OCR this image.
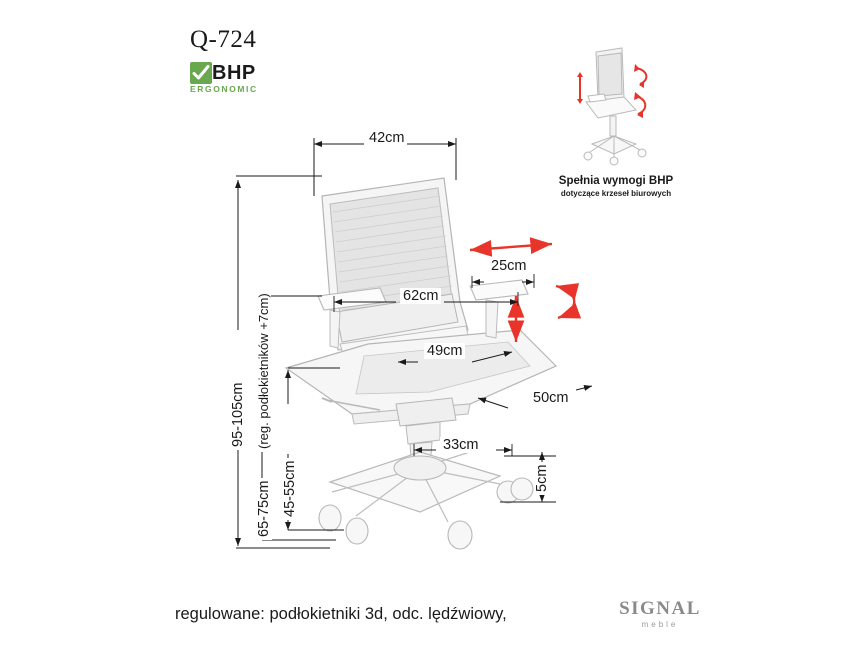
Q-724
BHP
ERGONOMIC
Spełnia wymogi BHP
dotyczące krzeseł biurowych
42cm
25cm
62cm
49cm
50cm
33cm
95-105cm (reg. podłokietników +7cm)
45-55cm
65-75cm
5cm
regulowane: podłokietniki 3d, odc. lędźwiowy,	SIGNAL
meble
